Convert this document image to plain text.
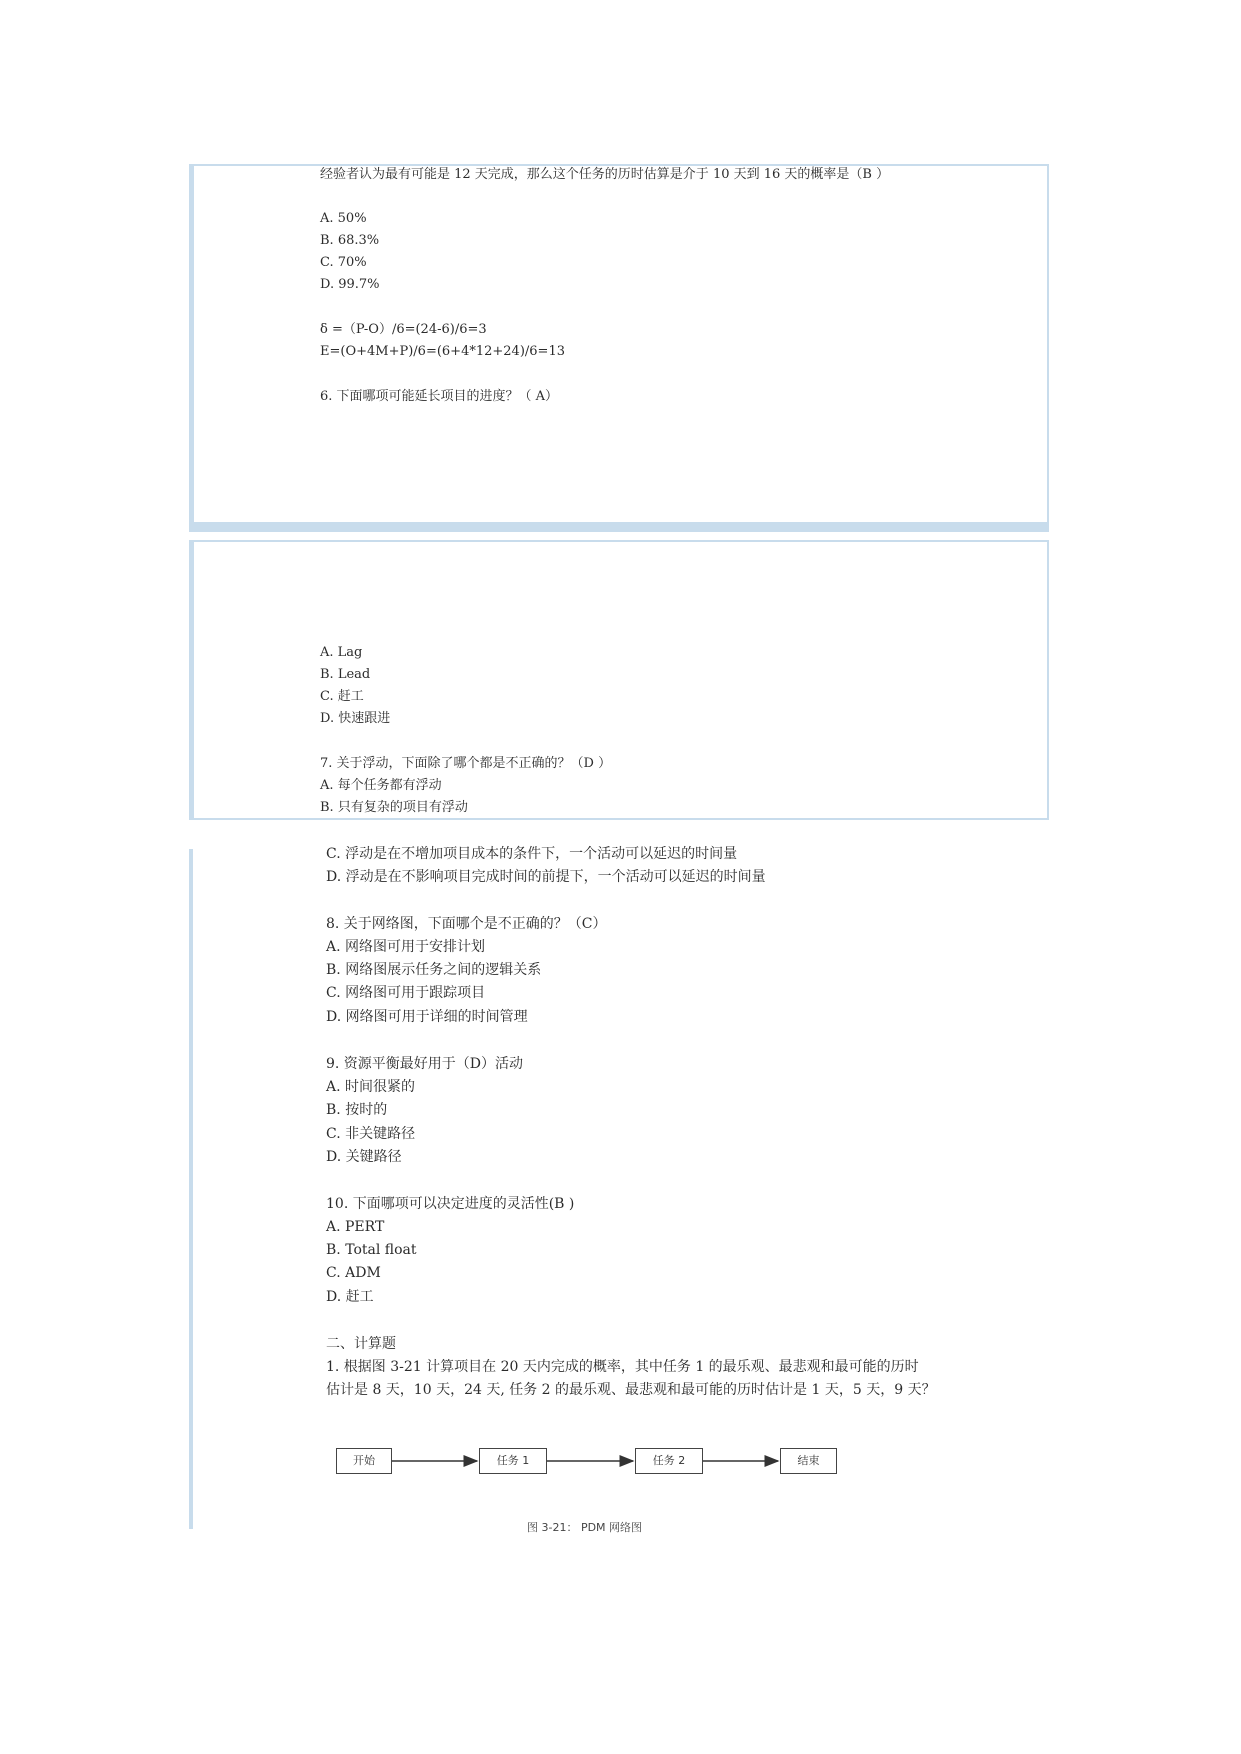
经验者认为最有可能是 12 天完成，那么这个任务的历时估算是介于 10 天到 16 天的概率是（B ）
A. 50%
B. 68.3%
C. 70%
D. 99.7%
δ =（P-O）/6=(24-6)/6=3
E=(O+4M+P)/6=(6+4*12+24)/6=13
6. 下面哪项可能延长项目的进度？（ A）
A. Lag
B. Lead
C. 赶工
D. 快速跟进
7. 关于浮动，下面除了哪个都是不正确的？（D ）
A. 每个任务都有浮动
B. 只有复杂的项目有浮动
C. 浮动是在不增加项目成本的条件下，一个活动可以延迟的时间量
D. 浮动是在不影响项目完成时间的前提下，一个活动可以延迟的时间量
8. 关于网络图，下面哪个是不正确的？（C）
A. 网络图可用于安排计划
B. 网络图展示任务之间的逻辑关系
C. 网络图可用于跟踪项目
D. 网络图可用于详细的时间管理
9. 资源平衡最好用于（D）活动
A. 时间很紧的
B. 按时的
C. 非关键路径
D. 关键路径
10. 下面哪项可以决定进度的灵活性(B )
A. PERT
B. Total float
C. ADM
D. 赶工
二、计算题
1. 根据图 3-21 计算项目在 20 天内完成的概率，其中任务 1 的最乐观、最悲观和最可能的历时
估计是 8 天，10 天，24 天, 任务 2 的最乐观、最悲观和最可能的历时估计是 1 天，5 天，9 天？
开始	任务 1	任务 2	结束
图 3-21： PDM 网络图
